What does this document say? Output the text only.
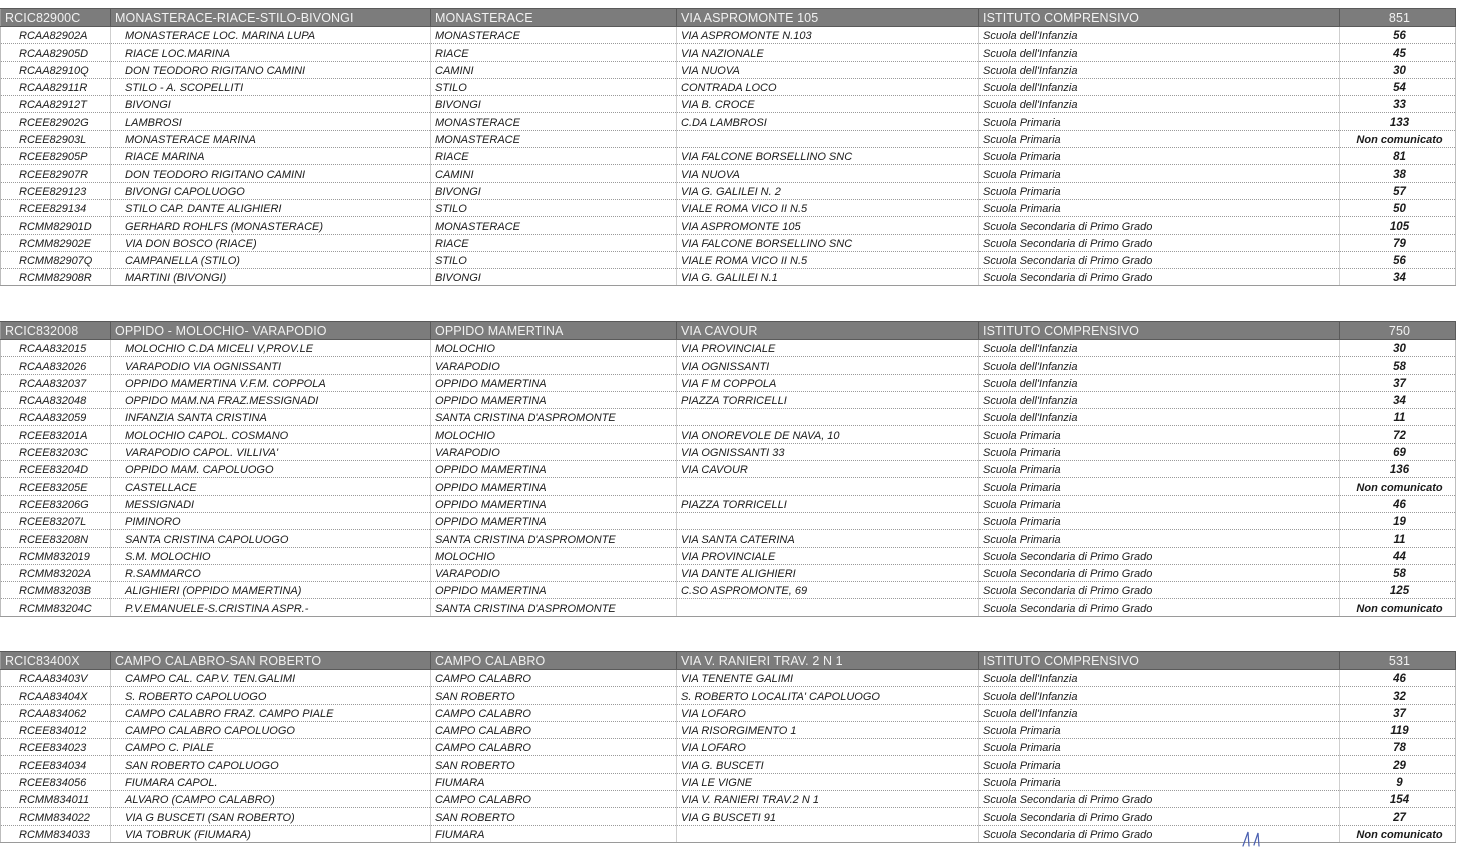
RCIC82900C	MONASTERACE-RIACE-STILO-BIVONGI	MONASTERACE	VIA ASPROMONTE 105	ISTITUTO COMPRENSIVO	851
RCAA82902A	MONASTERACE LOC. MARINA LUPA	MONASTERACE	VIA ASPROMONTE N.103	Scuola dell'Infanzia	56
RCAA82905D	RIACE LOC.MARINA	RIACE	VIA NAZIONALE	Scuola dell'Infanzia	45
RCAA82910Q	DON TEODORO RIGITANO CAMINI	CAMINI	VIA NUOVA	Scuola dell'Infanzia	30
RCAA82911R	STILO - A. SCOPELLITI	STILO	CONTRADA LOCO	Scuola dell'Infanzia	54
RCAA82912T	BIVONGI	BIVONGI	VIA B. CROCE	Scuola dell'Infanzia	33
RCEE82902G	LAMBROSI	MONASTERACE	C.DA LAMBROSI	Scuola Primaria	133
RCEE82903L	MONASTERACE MARINA	MONASTERACE		Scuola Primaria	Non comunicato
RCEE82905P	RIACE MARINA	RIACE	VIA FALCONE BORSELLINO SNC	Scuola Primaria	81
RCEE82907R	DON TEODORO RIGITANO CAMINI	CAMINI	VIA NUOVA	Scuola Primaria	38
RCEE829123	BIVONGI CAPOLUOGO	BIVONGI	VIA G. GALILEI N. 2	Scuola Primaria	57
RCEE829134	STILO CAP. DANTE ALIGHIERI	STILO	VIALE ROMA VICO II N.5	Scuola Primaria	50
RCMM82901D	GERHARD ROHLFS (MONASTERACE)	MONASTERACE	VIA ASPROMONTE 105	Scuola Secondaria di Primo Grado	105
RCMM82902E	VIA DON BOSCO (RIACE)	RIACE	VIA FALCONE BORSELLINO SNC	Scuola Secondaria di Primo Grado	79
RCMM82907Q	CAMPANELLA (STILO)	STILO	VIALE ROMA VICO II N.5	Scuola Secondaria di Primo Grado	56
RCMM82908R	MARTINI (BIVONGI)	BIVONGI	VIA G. GALILEI N.1	Scuola Secondaria di Primo Grado	34
RCIC832008	OPPIDO - MOLOCHIO- VARAPODIO	OPPIDO MAMERTINA	VIA CAVOUR	ISTITUTO COMPRENSIVO	750
RCAA832015	MOLOCHIO C.DA MICELI V,PROV.LE	MOLOCHIO	VIA PROVINCIALE	Scuola dell'Infanzia	30
RCAA832026	VARAPODIO VIA OGNISSANTI	VARAPODIO	VIA OGNISSANTI	Scuola dell'Infanzia	58
RCAA832037	OPPIDO MAMERTINA V.F.M. COPPOLA	OPPIDO MAMERTINA	VIA F M COPPOLA	Scuola dell'Infanzia	37
RCAA832048	OPPIDO MAM.NA FRAZ.MESSIGNADI	OPPIDO MAMERTINA	PIAZZA TORRICELLI	Scuola dell'Infanzia	34
RCAA832059	INFANZIA SANTA CRISTINA	SANTA CRISTINA D'ASPROMONTE		Scuola dell'Infanzia	11
RCEE83201A	MOLOCHIO CAPOL. COSMANO	MOLOCHIO	VIA ONOREVOLE DE NAVA, 10	Scuola Primaria	72
RCEE83203C	VARAPODIO CAPOL. VILLIVA'	VARAPODIO	VIA OGNISSANTI 33	Scuola Primaria	69
RCEE83204D	OPPIDO MAM. CAPOLUOGO	OPPIDO MAMERTINA	VIA CAVOUR	Scuola Primaria	136
RCEE83205E	CASTELLACE	OPPIDO MAMERTINA		Scuola Primaria	Non comunicato
RCEE83206G	MESSIGNADI	OPPIDO MAMERTINA	PIAZZA TORRICELLI	Scuola Primaria	46
RCEE83207L	PIMINORO	OPPIDO MAMERTINA		Scuola Primaria	19
RCEE83208N	SANTA CRISTINA CAPOLUOGO	SANTA CRISTINA D'ASPROMONTE	VIA SANTA CATERINA	Scuola Primaria	11
RCMM832019	S.M. MOLOCHIO	MOLOCHIO	VIA PROVINCIALE	Scuola Secondaria di Primo Grado	44
RCMM83202A	R.SAMMARCO	VARAPODIO	VIA DANTE ALIGHIERI	Scuola Secondaria di Primo Grado	58
RCMM83203B	ALIGHIERI (OPPIDO MAMERTINA)	OPPIDO MAMERTINA	C.SO ASPROMONTE, 69	Scuola Secondaria di Primo Grado	125
RCMM83204C	P.V.EMANUELE-S.CRISTINA ASPR.-	SANTA CRISTINA D'ASPROMONTE		Scuola Secondaria di Primo Grado	Non comunicato
RCIC83400X	CAMPO CALABRO-SAN ROBERTO	CAMPO CALABRO	VIA V. RANIERI TRAV. 2 N 1	ISTITUTO COMPRENSIVO	531
RCAA83403V	CAMPO CAL. CAP.V. TEN.GALIMI	CAMPO CALABRO	VIA TENENTE GALIMI	Scuola dell'Infanzia	46
RCAA83404X	S. ROBERTO CAPOLUOGO	SAN ROBERTO	S. ROBERTO LOCALITA' CAPOLUOGO	Scuola dell'Infanzia	32
RCAA834062	CAMPO CALABRO FRAZ. CAMPO PIALE	CAMPO CALABRO	VIA LOFARO	Scuola dell'Infanzia	37
RCEE834012	CAMPO CALABRO CAPOLUOGO	CAMPO CALABRO	VIA RISORGIMENTO 1	Scuola Primaria	119
RCEE834023	CAMPO C. PIALE	CAMPO CALABRO	VIA LOFARO	Scuola Primaria	78
RCEE834034	SAN ROBERTO CAPOLUOGO	SAN ROBERTO	VIA G. BUSCETI	Scuola Primaria	29
RCEE834056	FIUMARA CAPOL.	FIUMARA	VIA LE VIGNE	Scuola Primaria	9
RCMM834011	ALVARO (CAMPO CALABRO)	CAMPO CALABRO	VIA V. RANIERI TRAV.2 N 1	Scuola Secondaria di Primo Grado	154
RCMM834022	VIA G BUSCETI (SAN ROBERTO)	SAN ROBERTO	VIA G BUSCETI 91	Scuola Secondaria di Primo Grado	27
RCMM834033	VIA TOBRUK (FIUMARA)	FIUMARA		Scuola Secondaria di Primo Grado	Non comunicato
